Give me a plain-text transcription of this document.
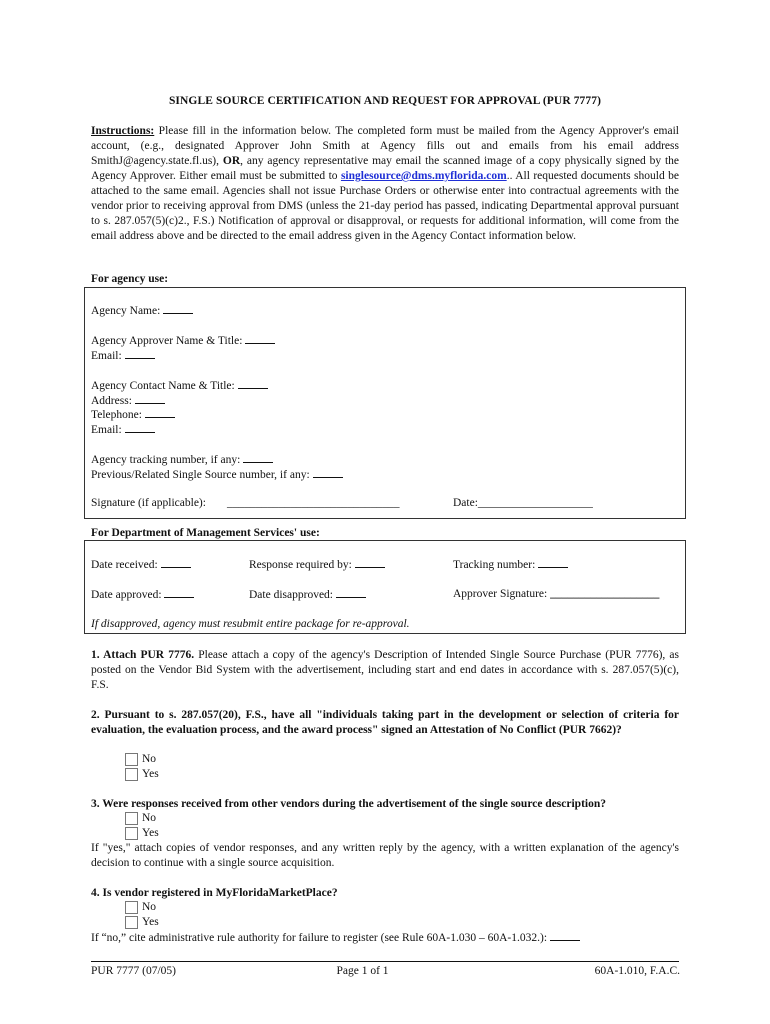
SINGLE SOURCE CERTIFICATION AND REQUEST FOR APPROVAL (PUR 7777)
Instructions: Please fill in the information below. The completed form must be mailed from the Agency Approver's email account, (e.g., designated Approver John Smith at Agency fills out and emails from his email address SmithJ@agency.state.fl.us), OR, any agency representative may email the scanned image of a copy physically signed by the Agency Approver. Either email must be submitted to singlesource@dms.myflorida.com.. All requested documents should be attached to the same email. Agencies shall not issue Purchase Orders or otherwise enter into contractual agreements with the vendor prior to receiving approval from DMS (unless the 21-day period has passed, indicating Departmental approval pursuant to s. 287.057(5)(c)2., F.S.) Notification of approval or disapproval, or requests for additional information, will come from the email address above and be directed to the email address given in the Agency Contact information below.
For agency use:
Agency Name:
Agency Approver Name & Title:
Email:
Agency Contact Name & Title:
Address:
Telephone:
Email:
Agency tracking number, if any:
Previous/Related Single Source number, if any:
Signature (if applicable): ______________________________	Date:____________________
For Department of Management Services' use:
Date received:	Response required by:	Tracking number:
Date approved:	Date disapproved:	Approver Signature: ___________________
If disapproved, agency must resubmit entire package for re-approval.
1. Attach PUR 7776. Please attach a copy of the agency's Description of Intended Single Source Purchase (PUR 7776), as posted on the Vendor Bid System with the advertisement, including start and end dates in accordance with s. 287.057(5)(c), F.S.
2. Pursuant to s. 287.057(20), F.S., have all "individuals taking part in the development or selection of criteria for evaluation, the evaluation process, and the award process" signed an Attestation of No Conflict (PUR 7662)?
No
Yes
3. Were responses received from other vendors during the advertisement of the single source description?
No
Yes
If "yes," attach copies of vendor responses, and any written reply by the agency, with a written explanation of the agency's decision to continue with a single source acquisition.
4. Is vendor registered in MyFloridaMarketPlace?
No
Yes
If “no,” cite administrative rule authority for failure to register (see Rule 60A-1.030 – 60A-1.032.):
PUR 7777 (07/05)	Page 1 of 1	60A-1.010, F.A.C.
